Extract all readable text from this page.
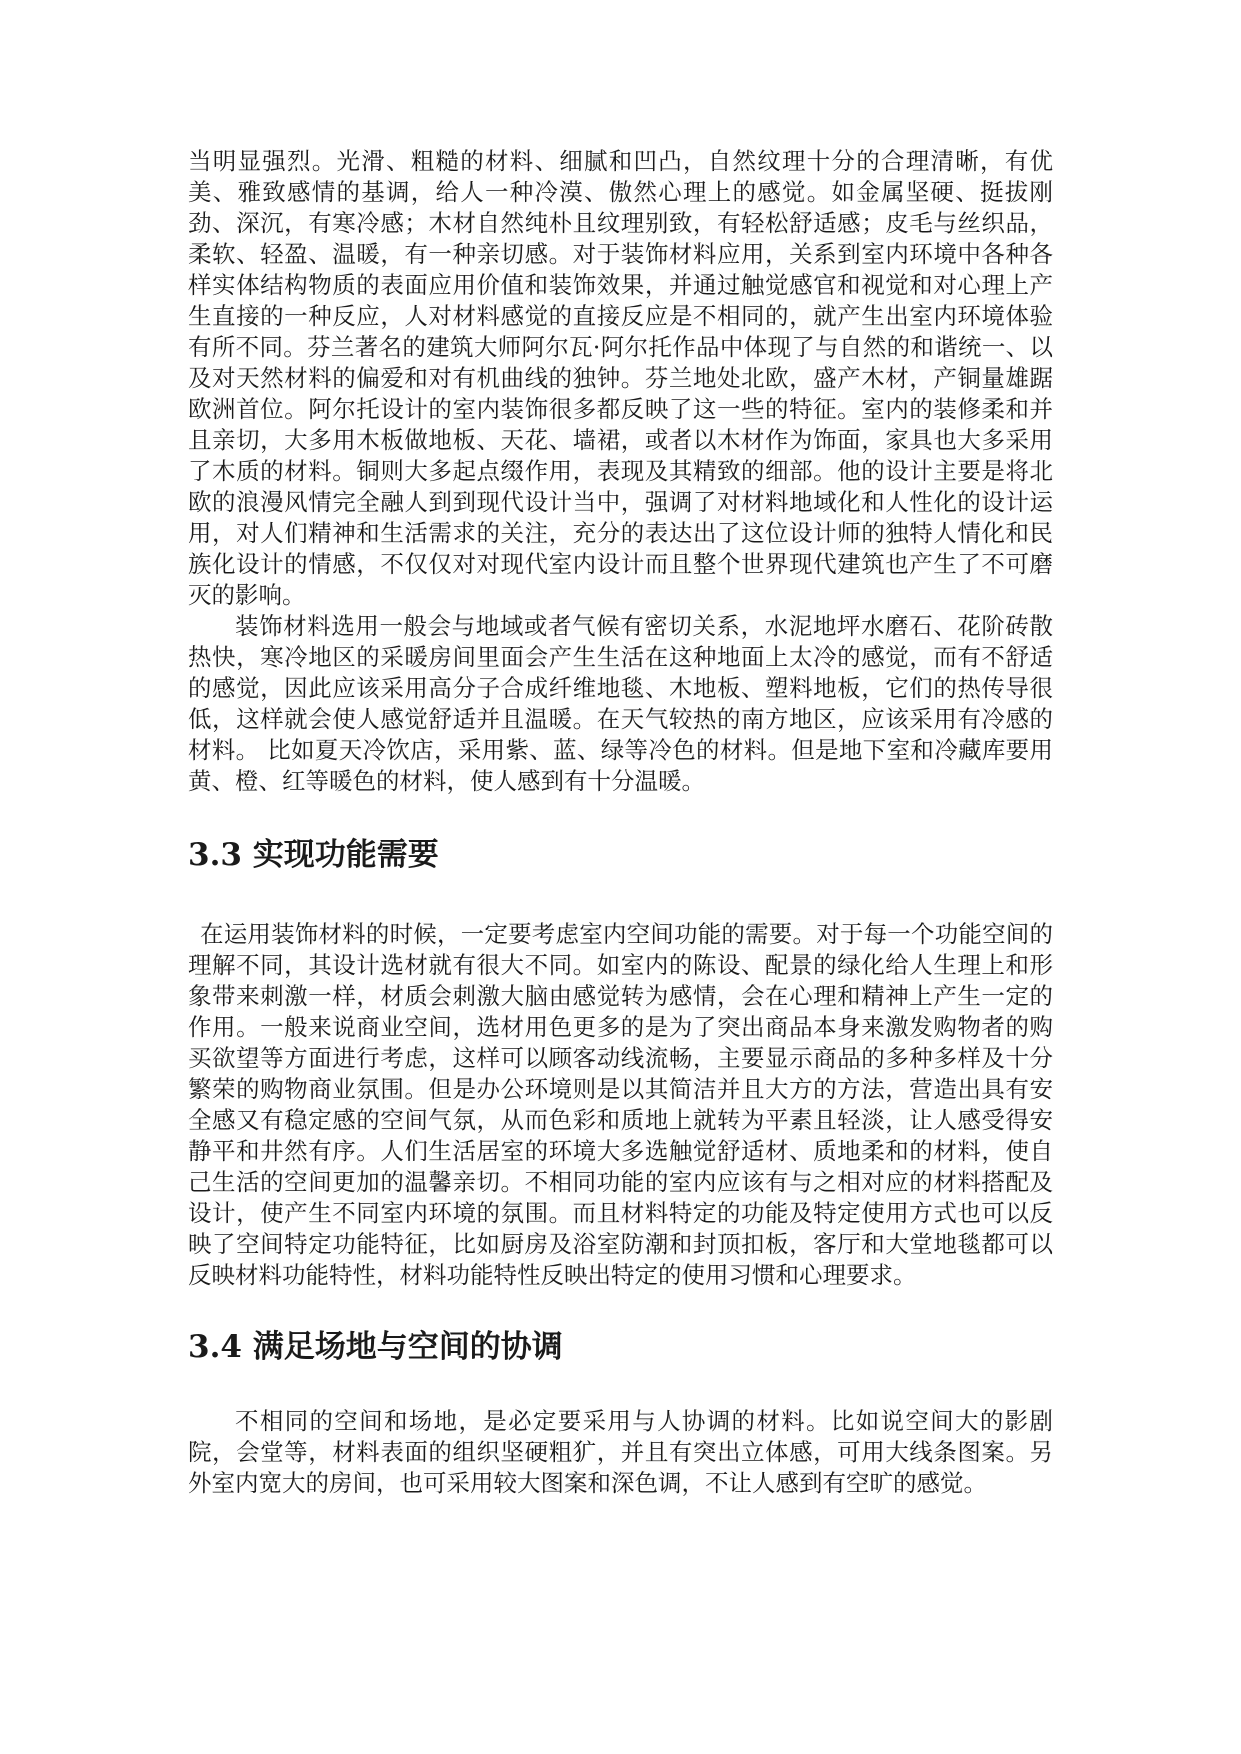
当明显强烈。光滑、粗糙的材料、细腻和凹凸，自然纹理十分的合理清晰，有优美、雅致感情的基调，给人一种冷漠、傲然心理上的感觉。如金属坚硬、挺拔刚劲、深沉，有寒冷感；木材自然纯朴且纹理别致，有轻松舒适感；皮毛与丝织品，柔软、轻盈、温暖，有一种亲切感。对于装饰材料应用，关系到室内环境中各种各样实体结构物质的表面应用价值和装饰效果，并通过触觉感官和视觉和对心理上产生直接的一种反应，人对材料感觉的直接反应是不相同的，就产生出室内环境体验有所不同。芬兰著名的建筑大师阿尔瓦·阿尔托作品中体现了与自然的和谐统一、以及对天然材料的偏爱和对有机曲线的独钟。芬兰地处北欧，盛产木材，产铜量雄踞欧洲首位。阿尔托设计的室内装饰很多都反映了这一些的特征。室内的装修柔和并且亲切，大多用木板做地板、天花、墙裙，或者以木材作为饰面，家具也大多采用了木质的材料。铜则大多起点缀作用，表现及其精致的细部。他的设计主要是将北欧的浪漫风情完全融人到到现代设计当中，强调了对材料地域化和人性化的设计运用，对人们精神和生活需求的关注，充分的表达出了这位设计师的独特人情化和民族化设计的情感，不仅仅对对现代室内设计而且整个世界现代建筑也产生了不可磨灭的影响。

装饰材料选用一般会与地域或者气候有密切关系，水泥地坪水磨石、花阶砖散热快，寒冷地区的采暖房间里面会产生生活在这种地面上太冷的感觉，而有不舒适的感觉，因此应该采用高分子合成纤维地毯、木地板、塑料地板，它们的热传导很低，这样就会使人感觉舒适并且温暖。在天气较热的南方地区，应该采用有冷感的材料。 比如夏天冷饮店，采用紫、蓝、绿等冷色的材料。但是地下室和冷藏库要用黄、橙、红等暖色的材料，使人感到有十分温暖。

3.3 实现功能需要

在运用装饰材料的时候，一定要考虑室内空间功能的需要。对于每一个功能空间的理解不同，其设计选材就有很大不同。如室内的陈设、配景的绿化给人生理上和形象带来刺激一样，材质会刺激大脑由感觉转为感情，会在心理和精神上产生一定的作用。一般来说商业空间，选材用色更多的是为了突出商品本身来激发购物者的购买欲望等方面进行考虑，这样可以顾客动线流畅，主要显示商品的多种多样及十分繁荣的购物商业氛围。但是办公环境则是以其简洁并且大方的方法，营造出具有安全感又有稳定感的空间气氛，从而色彩和质地上就转为平素且轻淡，让人感受得安静平和井然有序。人们生活居室的环境大多选触觉舒适材、质地柔和的材料，使自己生活的空间更加的温馨亲切。不相同功能的室内应该有与之相对应的材料搭配及设计，使产生不同室内环境的氛围。而且材料特定的功能及特定使用方式也可以反映了空间特定功能特征，比如厨房及浴室防潮和封顶扣板，客厅和大堂地毯都可以反映材料功能特性，材料功能特性反映出特定的使用习惯和心理要求。

3.4 满足场地与空间的协调

不相同的空间和场地，是必定要采用与人协调的材料。比如说空间大的影剧院，会堂等，材料表面的组织坚硬粗犷，并且有突出立体感，可用大线条图案。另外室内宽大的房间，也可采用较大图案和深色调，不让人感到有空旷的感觉。
